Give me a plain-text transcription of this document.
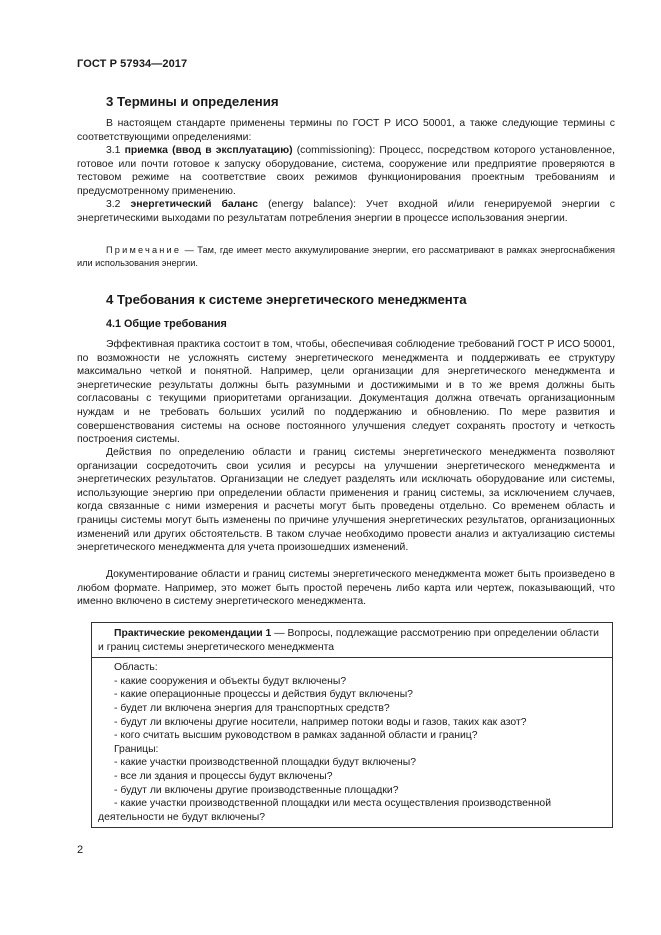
ГОСТ Р 57934—2017
3 Термины и определения
В настоящем стандарте применены термины по ГОСТ Р ИСО 50001, а также следующие термины с соответствующими определениями:
3.1 приемка (ввод в эксплуатацию) (commissioning): Процесс, посредством которого установленное, готовое или почти готовое к запуску оборудование, система, сооружение или предприятие проверяются в тестовом режиме на соответствие своих режимов функционирования проектным требованиям и предусмотренному применению.
3.2 энергетический баланс (energy balance): Учет входной и/или генерируемой энергии с энергетическими выходами по результатам потребления энергии в процессе использования энергии.
Примечание — Там, где имеет место аккумулирование энергии, его рассматривают в рамках энергоснабжения или использования энергии.
4 Требования к системе энергетического менеджмента
4.1 Общие требования
Эффективная практика состоит в том, чтобы, обеспечивая соблюдение требований ГОСТ Р ИСО 50001, по возможности не усложнять систему энергетического менеджмента и поддерживать ее структуру максимально четкой и понятной. Например, цели организации для энергетического менеджмента и энергетические результаты должны быть разумными и достижимыми и в то же время должны быть согласованы с текущими приоритетами организации. Документация должна отвечать организационным нуждам и не требовать больших усилий по поддержанию и обновлению. По мере развития и совершенствования системы на основе постоянного улучшения следует сохранять простоту и четкость построения системы.
Действия по определению области и границ системы энергетического менеджмента позволяют организации сосредоточить свои усилия и ресурсы на улучшении энергетического менеджмента и энергетических результатов. Организации не следует разделять или исключать оборудование или системы, использующие энергию при определении области применения и границ системы, за исключением случаев, когда связанные с ними измерения и расчеты могут быть проведены отдельно. Со временем область и границы системы могут быть изменены по причине улучшения энергетических результатов, организационных изменений или других обстоятельств. В таком случае необходимо провести анализ и актуализацию системы энергетического менеджмента для учета произошедших изменений.
Документирование области и границ системы энергетического менеджмента может быть произведено в любом формате. Например, это может быть простой перечень либо карта или чертеж, показывающий, что именно включено в систему энергетического менеджмента.
Практические рекомендации 1 — Вопросы, подлежащие рассмотрению при определении области и границ системы энергетического менеджмента
Область:
- какие сооружения и объекты будут включены?
- какие операционные процессы и действия будут включены?
- будет ли включена энергия для транспортных средств?
- будут ли включены другие носители, например потоки воды и газов, таких как азот?
- кого считать высшим руководством в рамках заданной области и границ?
Границы:
- какие участки производственной площадки будут включены?
- все ли здания и процессы будут включены?
- будут ли включены другие производственные площадки?
- какие участки производственной площадки или места осуществления производственной деятельности не будут включены?
2
